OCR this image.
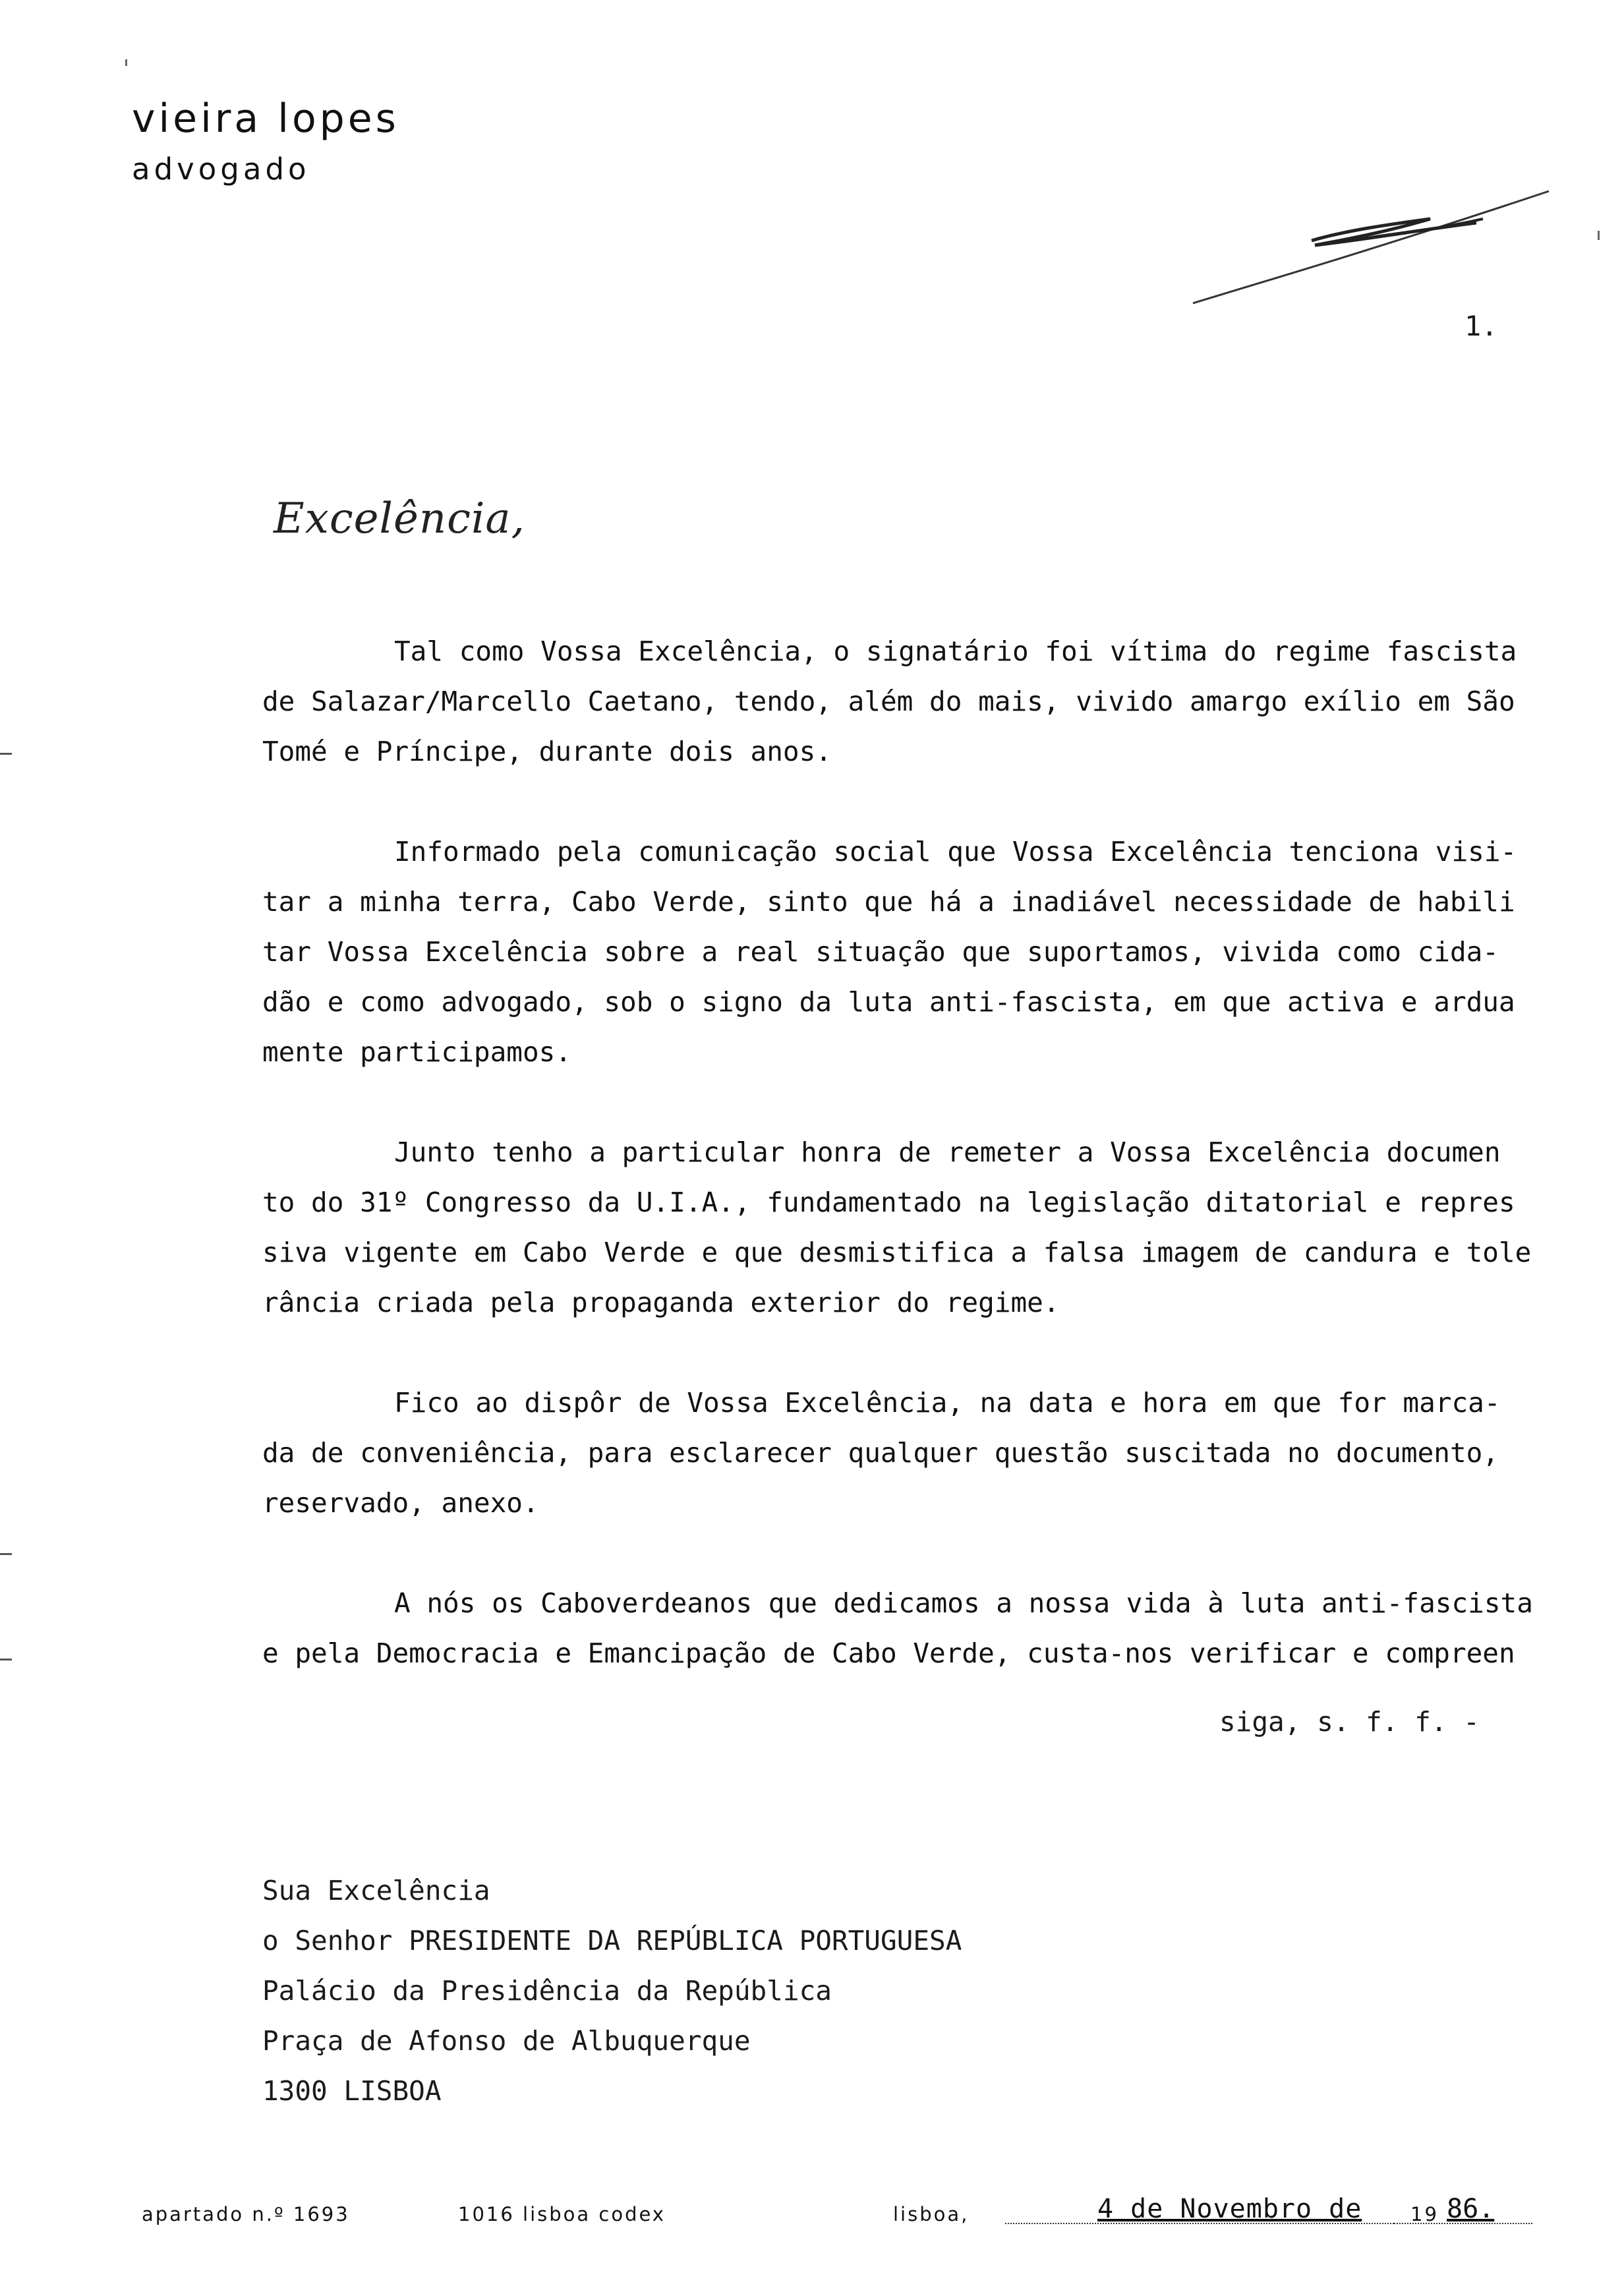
vieira lopes
advogado
1.
Excelência,
Tal como Vossa Excelência, o signatário foi vítima do regime fascista
de Salazar/Marcello Caetano, tendo, além do mais, vivido amargo exílio em São
Tomé e Príncipe, durante dois anos.
Informado pela comunicação social que Vossa Excelência tenciona visi-
tar a minha terra, Cabo Verde, sinto que há a inadiável necessidade de habili
tar Vossa Excelência sobre a real situação que suportamos, vivida como cida-
dão e como advogado, sob o signo da luta anti-fascista, em que activa e ardua
mente participamos.
Junto tenho a particular honra de remeter a Vossa Excelência documen
to do 31º Congresso da U.I.A., fundamentado na legislação ditatorial e repres
siva vigente em Cabo Verde e que desmistifica a falsa imagem de candura e tole
rância criada pela propaganda exterior do regime.
Fico ao dispôr de Vossa Excelência, na data e hora em que for marca-
da de conveniência, para esclarecer qualquer questão suscitada no documento,
reservado, anexo.
A nós os Caboverdeanos que dedicamos a nossa vida à luta anti-fascista
e pela Democracia e Emancipação de Cabo Verde, custa-nos verificar e compreen
siga, s. f. f. -
Sua Excelência
o Senhor PRESIDENTE DA REPÚBLICA PORTUGUESA
Palácio da Presidência da República
Praça de Afonso de Albuquerque
1300 LISBOA
apartado n.º 1693	1016 lisboa codex	lisboa,	4 de Novembro de	19 86.
